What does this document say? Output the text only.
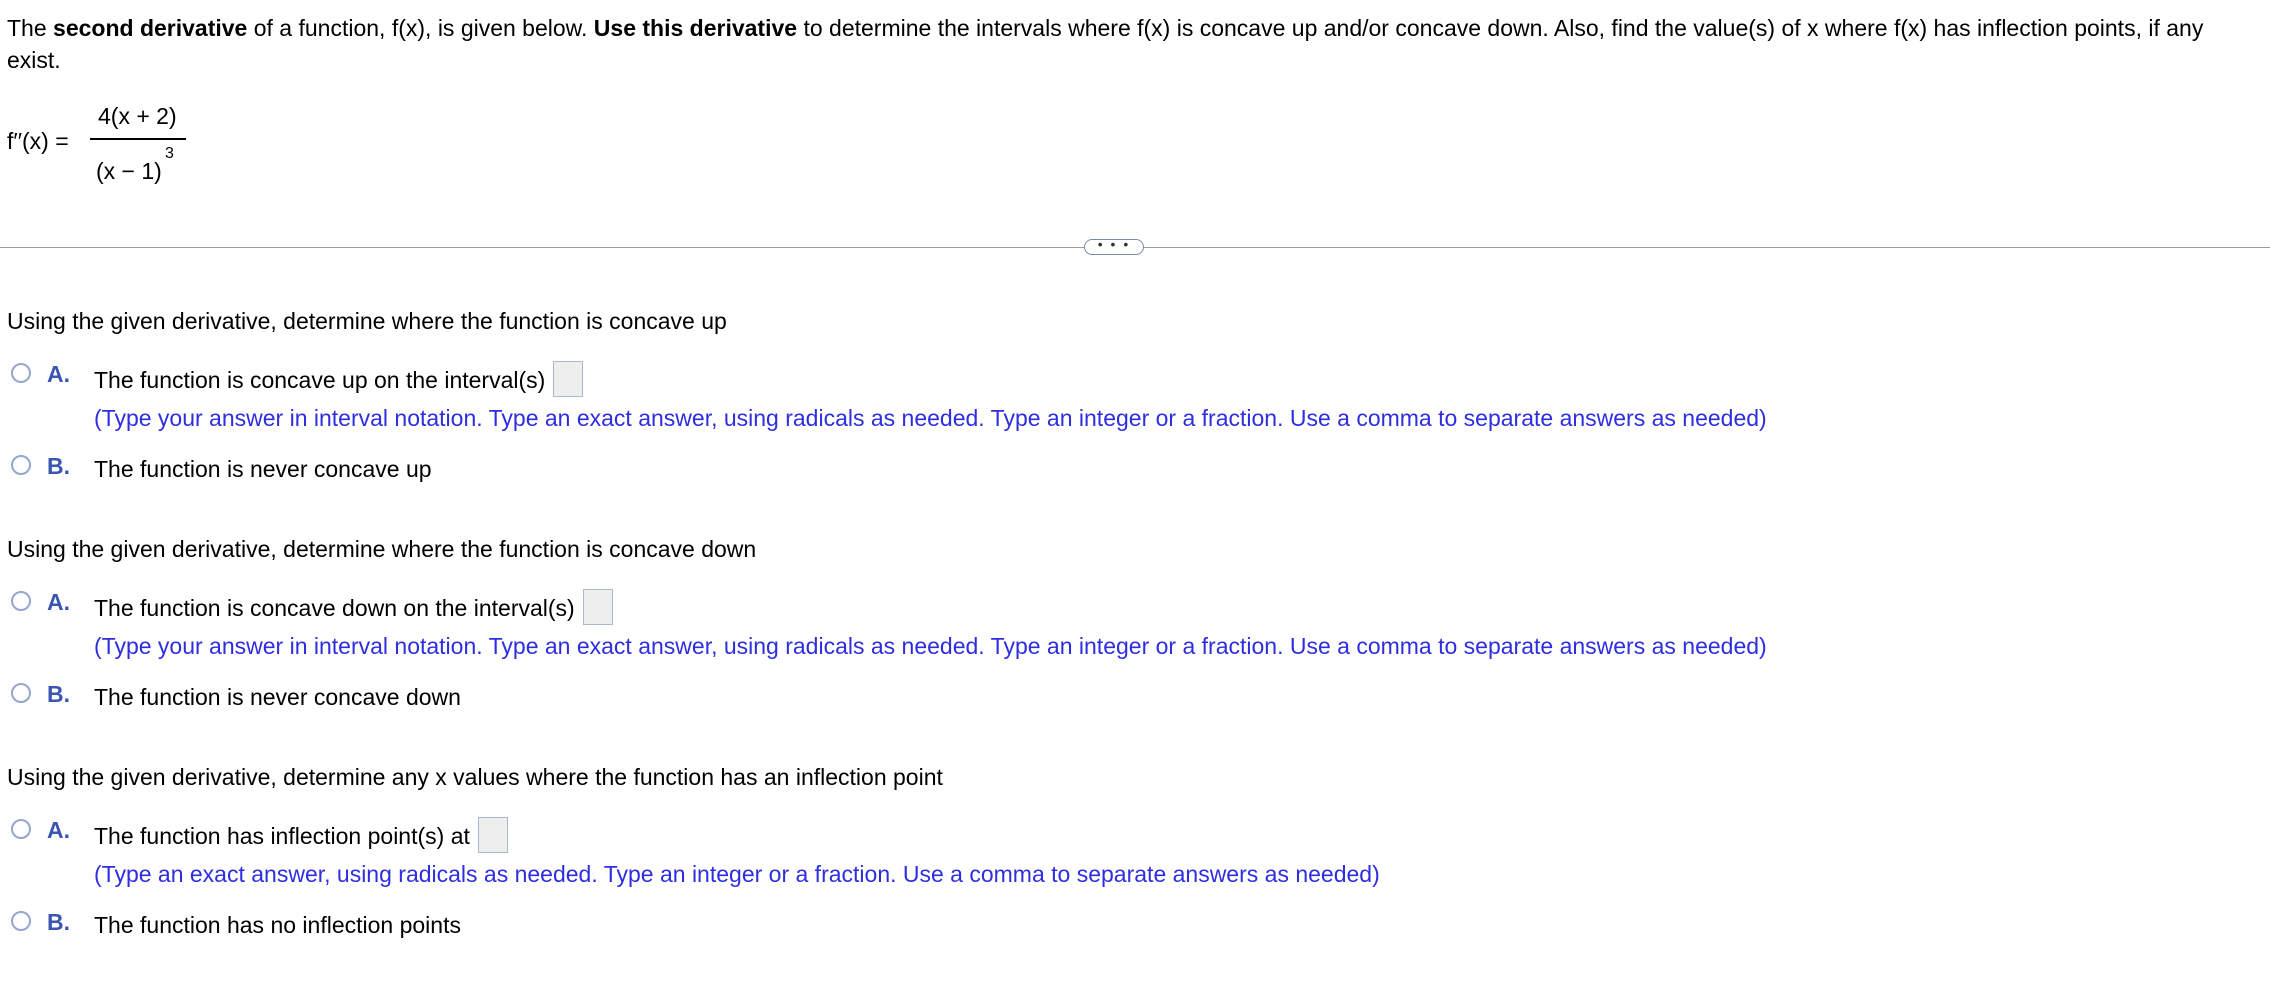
The second derivative of a function, f(x), is given below. Use this derivative to determine the intervals where f(x) is concave up and/or concave down. Also, find the value(s) of x where f(x) has inflection points, if any exist.
f′′(x) =
4(x + 2)
(x − 1)
3
• • •
Using the given derivative, determine where the function is concave up
A. The function is concave up on the interval(s)
(Type your answer in interval notation. Type an exact answer, using radicals as needed. Type an integer or a fraction. Use a comma to separate answers as needed)
B. The function is never concave up
Using the given derivative, determine where the function is concave down
A. The function is concave down on the interval(s)
(Type your answer in interval notation. Type an exact answer, using radicals as needed. Type an integer or a fraction. Use a comma to separate answers as needed)
B. The function is never concave down
Using the given derivative, determine any x values where the function has an inflection point
A. The function has inflection point(s) at
(Type an exact answer, using radicals as needed. Type an integer or a fraction. Use a comma to separate answers as needed)
B. The function has no inflection points
